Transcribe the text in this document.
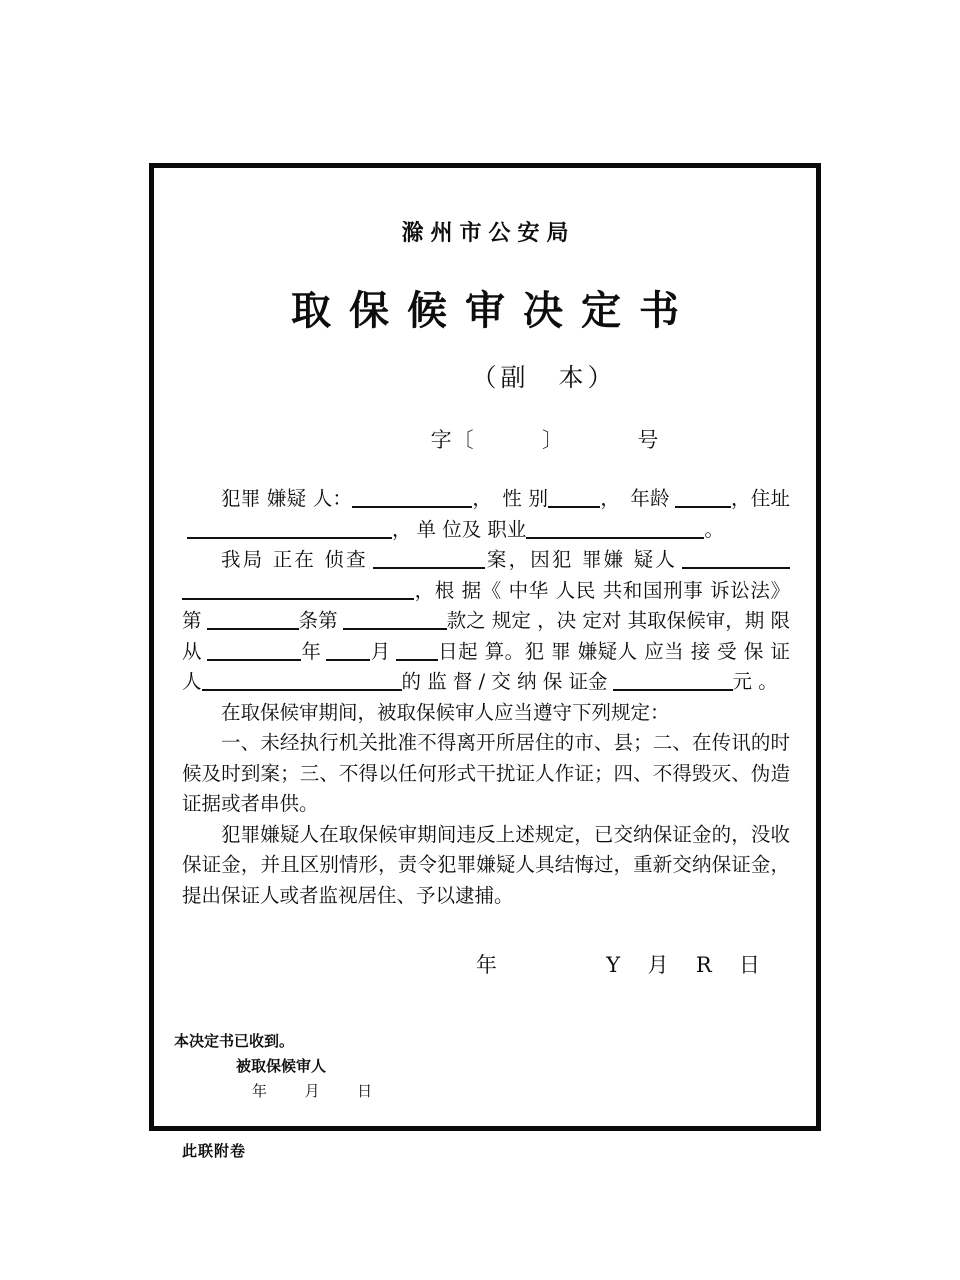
滁州市公安局
取保候审决定书
（副　本）
字〔	〕	号

犯罪 嫌疑 人：	， 性 别	， 年龄	，住址， 单 位及 职业	。

我局 正在 侦查	案，因犯 罪嫌 疑人，根 据《 中华 人民 共和国刑事 诉讼法》第	条第	款之 规定 ，决 定对 其取保候审，期 限 从	年	月 日起 算。犯 罪 嫌疑人 应当 接 受 保 证 人	的 监 督 / 交 纳 保 证金	元 。

在取保候审期间，被取保候审人应当遵守下列规定：

一、未经执行机关批准不得离开所居住的市、县；二、在传讯的时候及时到案；三、不得以任何形式干扰证人作证；四、不得毁灭、伪造证据或者串供。

犯罪嫌疑人在取保候审期间违反上述规定，已交纳保证金的，没收保证金，并且区别情形，责令犯罪嫌疑人具结悔过，重新交纳保证金，提出保证人或者监视居住、予以逮捕。

年	Y 月 R 日
本决定书已收到。
被取保候审人
年 月 日
此联附卷
